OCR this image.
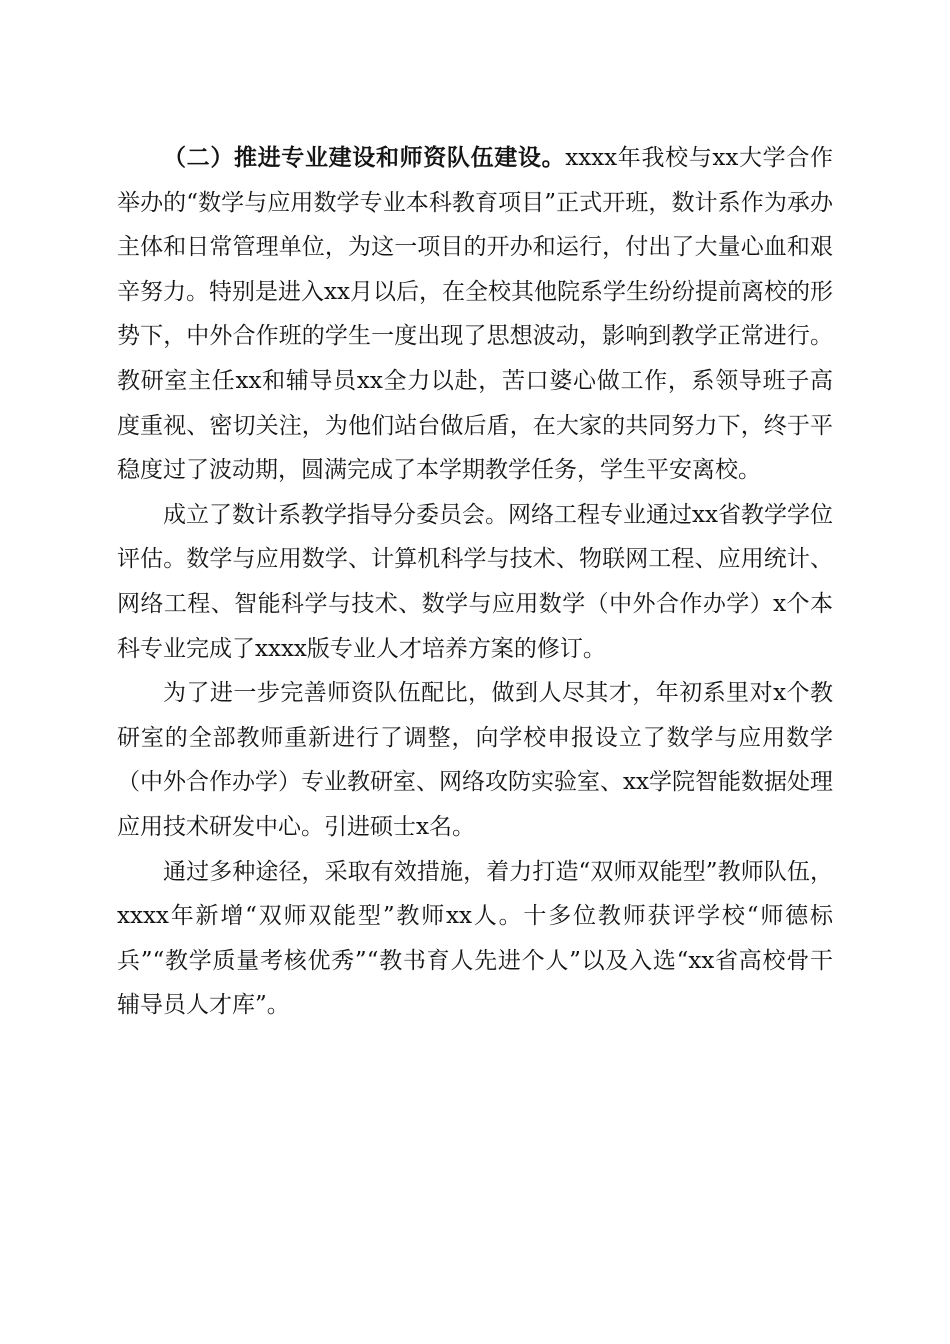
（二）推进专业建设和师资队伍建设。xxxx年我校与xx大学合作举办的“数学与应用数学专业本科教育项目”正式开班，数计系作为承办主体和日常管理单位，为这一项目的开办和运行，付出了大量心血和艰辛努力。特别是进入xx月以后，在全校其他院系学生纷纷提前离校的形势下，中外合作班的学生一度出现了思想波动，影响到教学正常进行。教研室主任xx和辅导员xx全力以赴，苦口婆心做工作，系领导班子高度重视、密切关注，为他们站台做后盾，在大家的共同努力下，终于平稳度过了波动期，圆满完成了本学期教学任务，学生平安离校。

成立了数计系教学指导分委员会。网络工程专业通过xx省教学学位评估。数学与应用数学、计算机科学与技术、物联网工程、应用统计、网络工程、智能科学与技术、数学与应用数学（中外合作办学）x个本科专业完成了xxxx版专业人才培养方案的修订。

为了进一步完善师资队伍配比，做到人尽其才，年初系里对x个教研室的全部教师重新进行了调整，向学校申报设立了数学与应用数学（中外合作办学）专业教研室、网络攻防实验室、xx学院智能数据处理应用技术研发中心。引进硕士x名。

通过多种途径，采取有效措施，着力打造“双师双能型”教师队伍，xxxx年新增“双师双能型”教师xx人。十多位教师获评学校“师德标兵”“教学质量考核优秀”“教书育人先进个人”以及入选“xx省高校骨干辅导员人才库”。
